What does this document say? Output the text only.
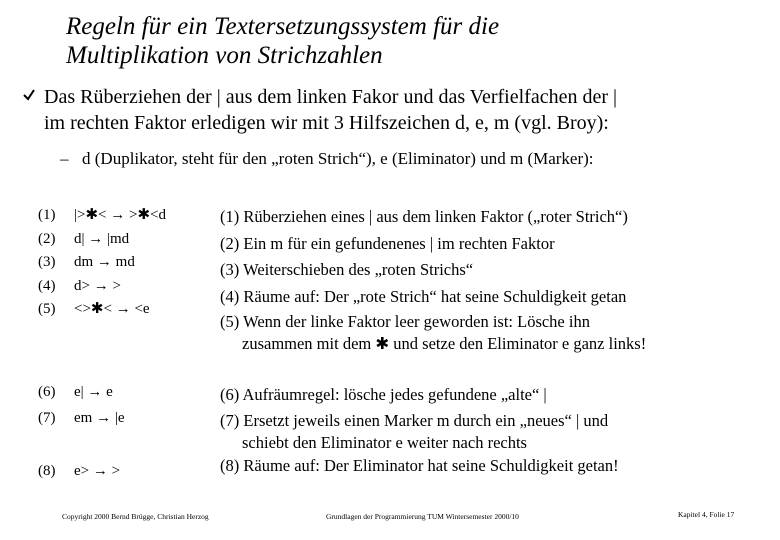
Regeln für ein Textersetzungssystem für die
Multiplikation von Strichzahlen
Das Rüberziehen der | aus dem linken Fakor und das Verfielfachen der |
im rechten Faktor erledigen wir mit 3 Hilfszeichen d, e, m (vgl. Broy):
– d (Duplikator, steht für den „roten Strich“), e (Eliminator) und m (Marker):
(1) |>✱< → >✱<d
(2) d| → |md
(3) dm → md
(4) d> → >
(5) <>✱< → <e
(1) Rüberziehen eines | aus dem linken Faktor („roter Strich“)
(2) Ein m für ein gefundenenes | im rechten Faktor
(3) Weiterschieben des „roten Strichs“
(4) Räume auf: Der „rote Strich“ hat seine Schuldigkeit getan
(5) Wenn der linke Faktor leer geworden ist: Lösche ihn
zusammen mit dem ✱ und setze den Eliminator e ganz links!
(6) e| → e
(7) em → |e
(8) e> → >
(6) Aufräumregel: lösche jedes gefundene „alte“ |
(7) Ersetzt jeweils einen Marker m durch ein „neues“ | und
schiebt den Eliminator e weiter nach rechts
(8) Räume auf: Der Eliminator hat seine Schuldigkeit getan!
Copyright 2000 Bernd Brügge, Christian Herzog	Grundlagen der Programmierung TUM Wintersemester 2000/10	Kapitel 4, Folie 17
